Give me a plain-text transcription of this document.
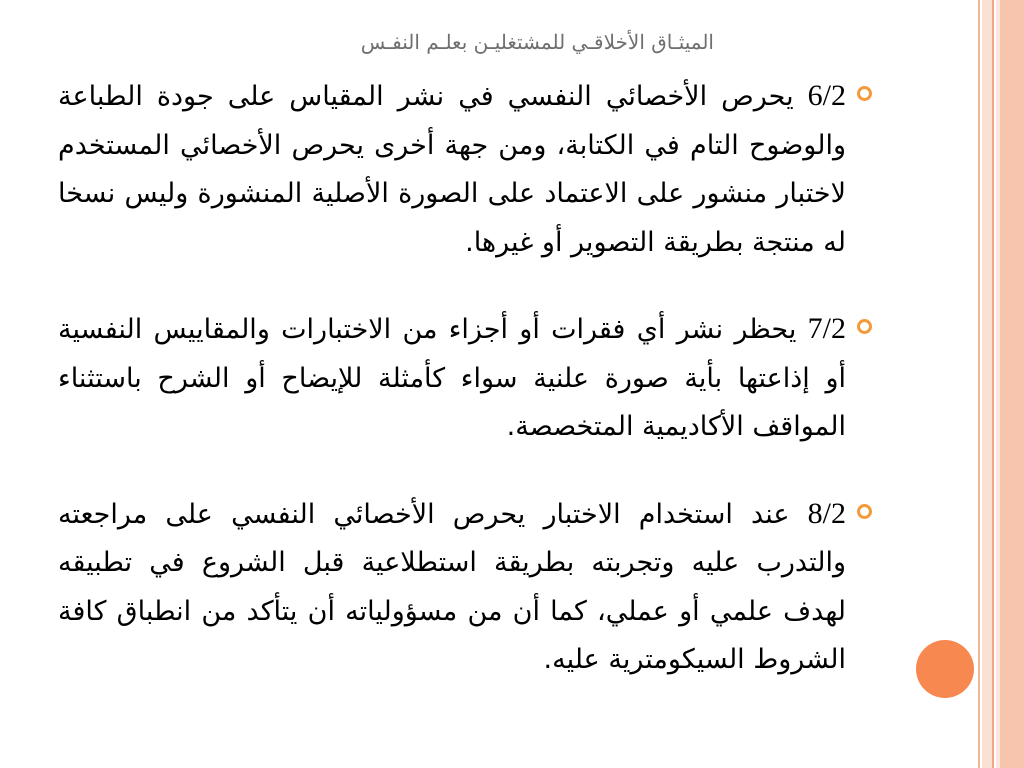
الميثـاق الأخلاقـي للمشتغليـن بعلـم النفـس

6/2 يحرص الأخصائي النفسي في نشر المقياس على جودة الطباعة والوضوح التام في الكتابة، ومن جهة أخرى يحرص الأخصائي المستخدم لاختبار منشور على الاعتماد على الصورة الأصلية المنشورة وليس نسخا له منتجة بطريقة التصوير أو غيرها.

7/2 يحظر نشر أي فقرات أو أجزاء من الاختبارات والمقاييس النفسية أو إذاعتها بأية صورة علنية سواء كأمثلة للإيضاح أو الشرح باستثناء المواقف الأكاديمية المتخصصة.

8/2 عند استخدام الاختبار يحرص الأخصائي النفسي على مراجعته والتدرب عليه وتجربته بطريقة استطلاعية قبل الشروع في تطبيقه لهدف علمي أو عملي، كما أن من مسؤولياته أن يتأكد من انطباق كافة الشروط السيكومترية عليه.
